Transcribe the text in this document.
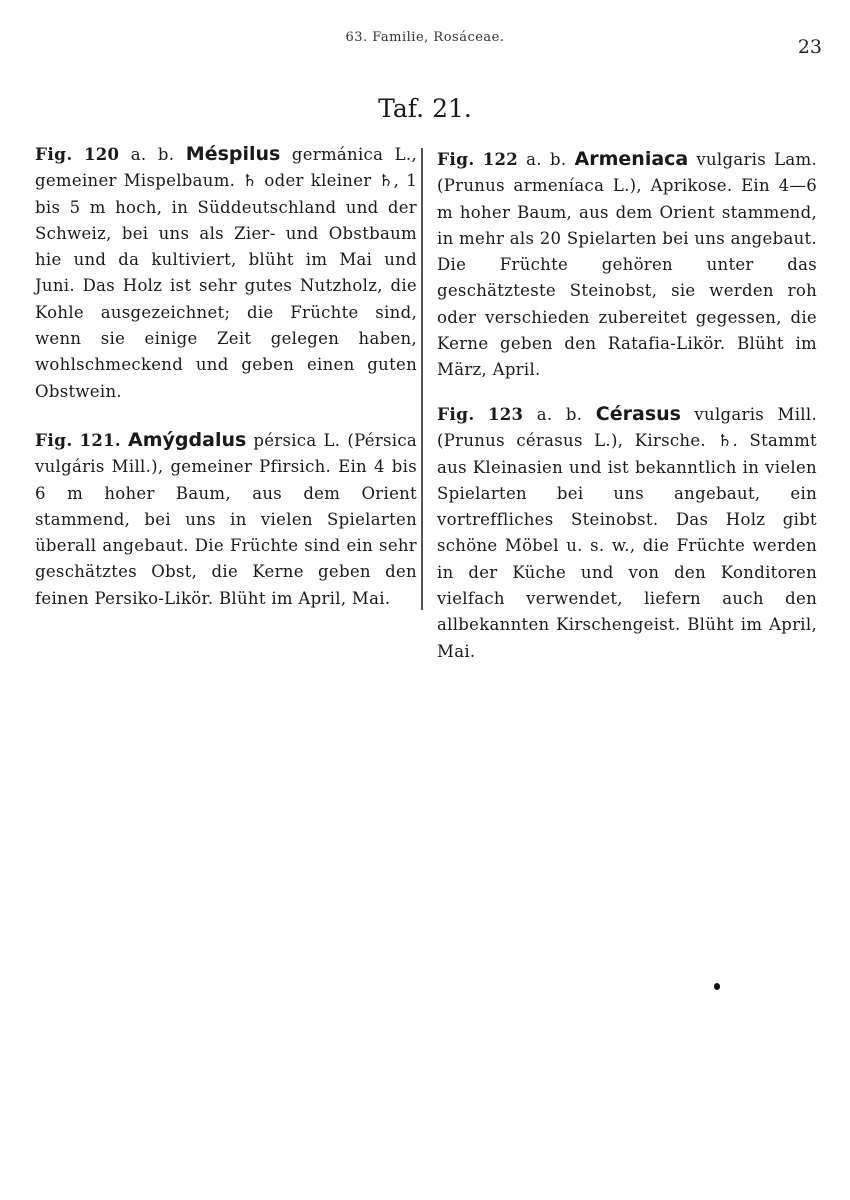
63. Familie, Rosáceae.	23
Taf. 21.
Fig. 120 a. b. Méspilus germánica L., gemeiner Mispelbaum. ♄ oder kleiner ♄, 1 bis 5 m hoch, in Süddeutschland und der Schweiz, bei uns als Zier- und Obstbaum hie und da kultiviert, blüht im Mai und Juni. Das Holz ist sehr gutes Nutzholz, die Kohle ausgezeichnet; die Früchte sind, wenn sie einige Zeit gelegen haben, wohlschmeckend und geben einen guten Obstwein.
Fig. 121. Amýgdalus pérsica L. (Pérsica vulgáris Mill.), gemeiner Pfirsich. Ein 4 bis 6 m hoher Baum, aus dem Orient stammend, bei uns in vielen Spielarten überall angebaut. Die Früchte sind ein sehr geschätztes Obst, die Kerne geben den feinen Persiko-Likör. Blüht im April, Mai.
Fig. 122 a. b. Armeniaca vulgaris Lam. (Prunus armeníaca L.), Aprikose. Ein 4—6 m hoher Baum, aus dem Orient stammend, in mehr als 20 Spielarten bei uns angebaut. Die Früchte gehören unter das geschätzteste Steinobst, sie werden roh oder verschieden zubereitet gegessen, die Kerne geben den Ratafia-Likör. Blüht im März, April.
Fig. 123 a. b. Cérasus vulgaris Mill. (Prunus cérasus L.), Kirsche. ♄. Stammt aus Kleinasien und ist bekanntlich in vielen Spielarten bei uns angebaut, ein vortreffliches Steinobst. Das Holz gibt schöne Möbel u. s. w., die Früchte werden in der Küche und von den Konditoren vielfach verwendet, liefern auch den allbekannten Kirschengeist. Blüht im April, Mai.
